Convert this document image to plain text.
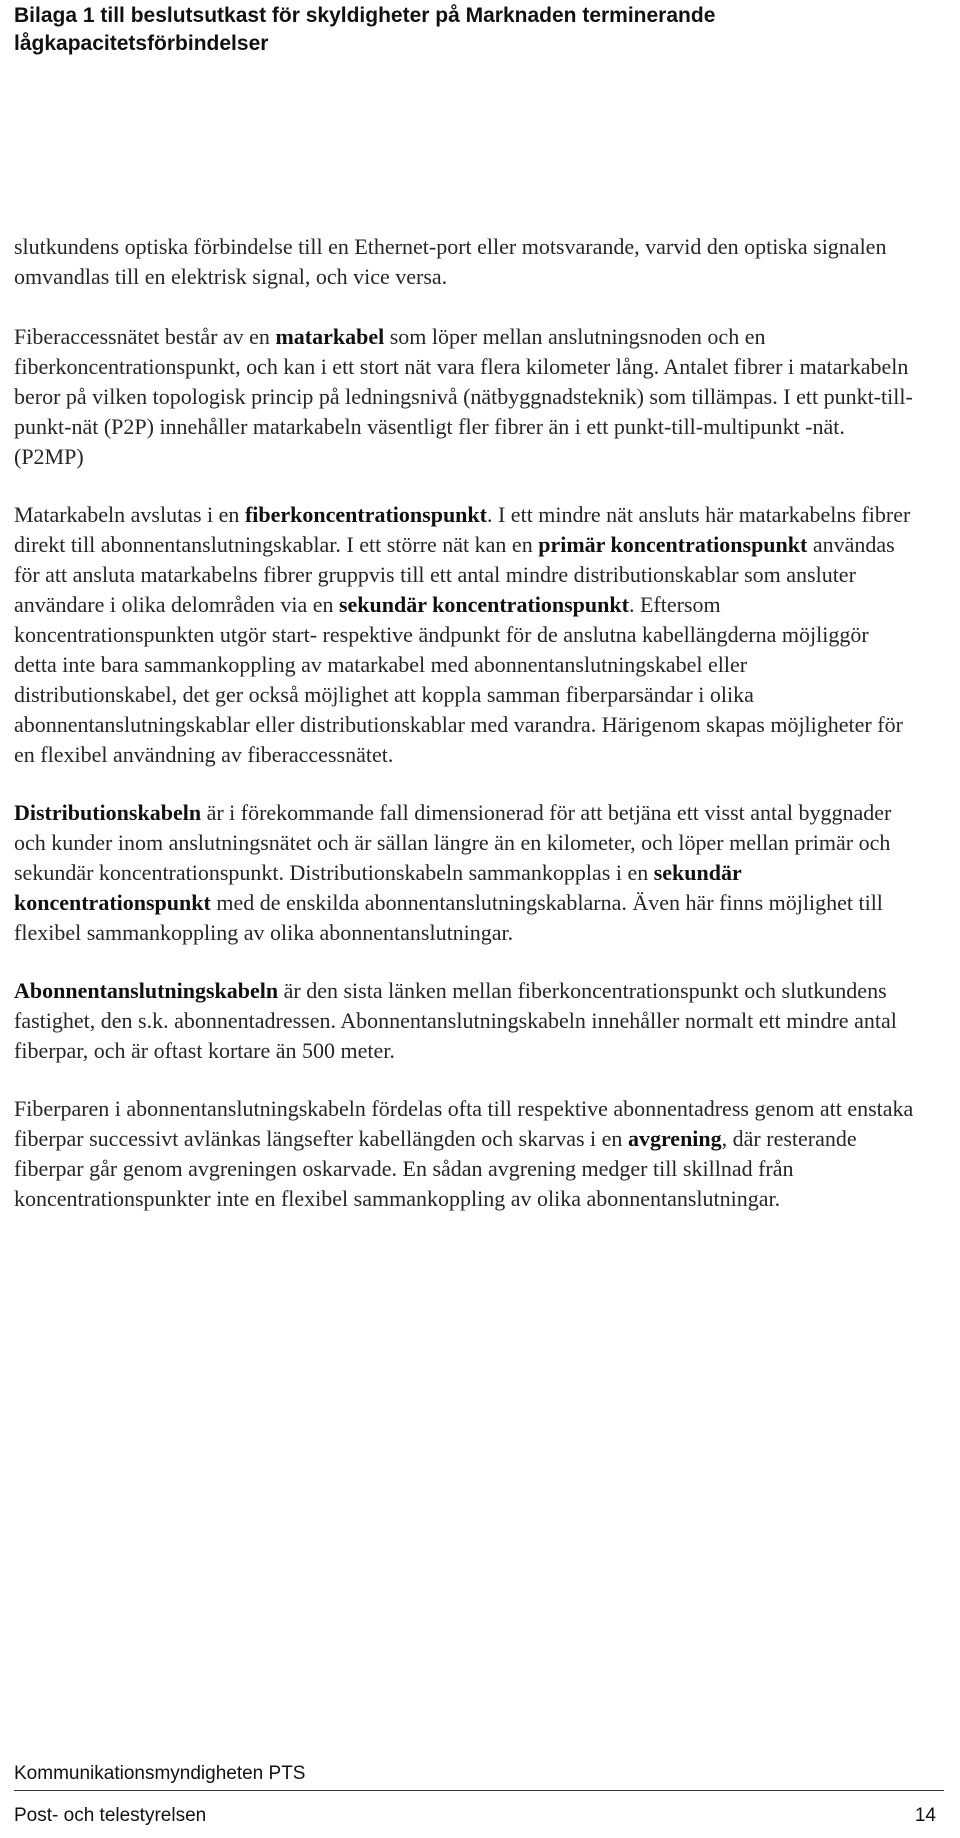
Bilaga 1 till beslutsutkast för skyldigheter på Marknaden terminerande lågkapacitetsförbindelser

slutkundens optiska förbindelse till en Ethernet-port eller motsvarande, varvid den optiska signalen omvandlas till en elektrisk signal, och vice versa.

Fiberaccessnätet består av en matarkabel som löper mellan anslutningsnoden och en fiberkoncentrationspunkt, och kan i ett stort nät vara flera kilometer lång. Antalet fibrer i matarkabeln beror på vilken topologisk princip på ledningsnivå (nätbyggnadsteknik) som tillämpas. I ett punkt-till-punkt-nät (P2P) innehåller matarkabeln väsentligt fler fibrer än i ett punkt-till-multipunkt -nät. (P2MP)

Matarkabeln avslutas i en fiberkoncentrationspunkt. I ett mindre nät ansluts här matarkabelns fibrer direkt till abonnentanslutningskablar. I ett större nät kan en primär koncentrationspunkt användas för att ansluta matarkabelns fibrer gruppvis till ett antal mindre distributionskablar som ansluter användare i olika delområden via en sekundär koncentrationspunkt. Eftersom koncentrationspunkten utgör start- respektive ändpunkt för de anslutna kabellängderna möjliggör detta inte bara sammankoppling av matarkabel med abonnentanslutningskabel eller distributionskabel, det ger också möjlighet att koppla samman fiberparsändar i olika abonnentanslutningskablar eller distributionskablar med varandra. Härigenom skapas möjligheter för en flexibel användning av fiberaccessnätet.

Distributionskabeln är i förekommande fall dimensionerad för att betjäna ett visst antal byggnader och kunder inom anslutningsnätet och är sällan längre än en kilometer, och löper mellan primär och sekundär koncentrationspunkt. Distributionskabeln sammankopplas i en sekundär koncentrationspunkt med de enskilda abonnentanslutningskablarna. Även här finns möjlighet till flexibel sammankoppling av olika abonnentanslutningar.

Abonnentanslutningskabeln är den sista länken mellan fiberkoncentrationspunkt och slutkundens fastighet, den s.k. abonnentadressen. Abonnentanslutningskabeln innehåller normalt ett mindre antal fiberpar, och är oftast kortare än 500 meter.

Fiberparen i abonnentanslutningskabeln fördelas ofta till respektive abonnentadress genom att enstaka fiberpar successivt avlänkas längsefter kabellängden och skarvas i en avgrening, där resterande fiberpar går genom avgreningen oskarvade. En sådan avgrening medger till skillnad från koncentrationspunkter inte en flexibel sammankoppling av olika abonnentanslutningar.

Kommunikationsmyndigheten PTS
Post- och telestyrelsen	14
